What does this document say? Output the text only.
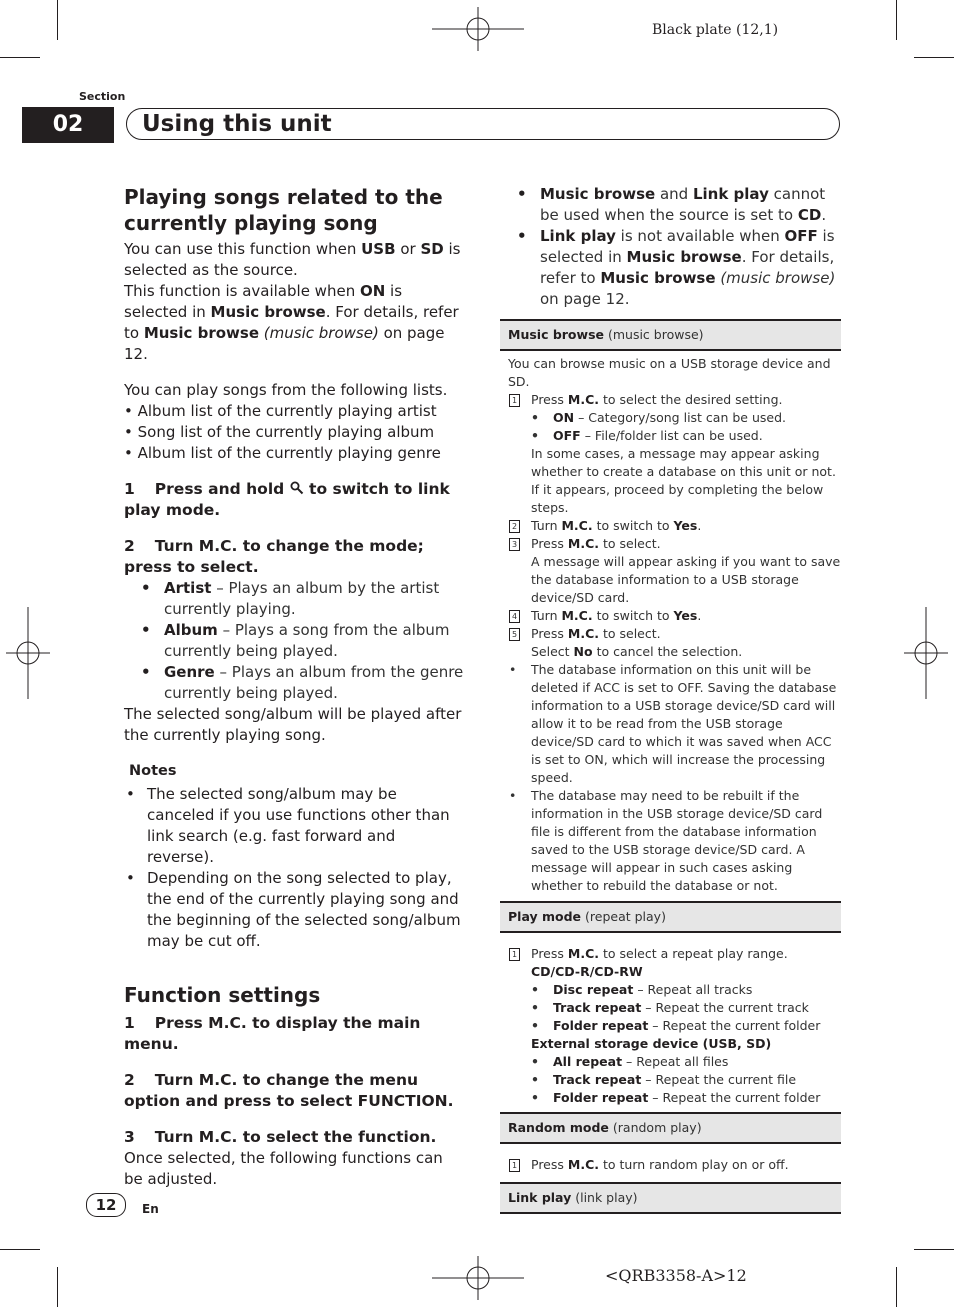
Black plate (12,1)
Section
02	Using this unit

Playing songs related to the currently playing song

You can use this function when USB or SD is selected as the source.

This function is available when ON is selected in Music browse. For details, refer to Music browse (music browse) on page 12.

You can play songs from the following lists.

• Album list of the currently playing artist

• Song list of the currently playing album

• Album list of the currently playing genre

1 Press and hold  to switch to link play mode.

2 Turn M.C. to change the mode; press to select.

• Artist – Plays an album by the artist currently playing.
• Album – Plays a song from the album currently being played.
• Genre – Plays an album from the genre currently being played.

The selected song/album will be played after the currently playing song.

Notes

• The selected song/album may be canceled if you use functions other than link search (e.g. fast forward and reverse).
• Depending on the song selected to play, the end of the currently playing song and the beginning of the selected song/album may be cut off.

Function settings

1 Press M.C. to display the main menu.

2 Turn M.C. to change the menu option and press to select FUNCTION.

3 Turn M.C. to select the function.

Once selected, the following functions can be adjusted.

• Music browse and Link play cannot be used when the source is set to CD.
• Link play is not available when OFF is selected in Music browse. For details, refer to Music browse (music browse) on page 12.
Music browse (music browse)
You can browse music on a USB storage device and SD.
1 Press M.C. to select the desired setting.
• ON – Category/song list can be used.
• OFF – File/folder list can be used.
In some cases, a message may appear asking whether to create a database on this unit or not. If it appears, proceed by completing the below steps.
2 Turn M.C. to switch to Yes.
3 Press M.C. to select.
A message will appear asking if you want to save the database information to a USB storage device/SD card.
4 Turn M.C. to switch to Yes.
5 Press M.C. to select.
Select No to cancel the selection.
• The database information on this unit will be deleted if ACC is set to OFF. Saving the database information to a USB storage device/SD card will allow it to be read from the USB storage device/SD card to which it was saved when ACC is set to ON, which will increase the processing speed.
• The database may need to be rebuilt if the information in the USB storage device/SD card file is different from the database information saved to the USB storage device/SD card. A message will appear in such cases asking whether to rebuild the database or not.
Play mode (repeat play)
1 Press M.C. to select a repeat play range.
CD/CD-R/CD-RW
• Disc repeat – Repeat all tracks
• Track repeat – Repeat the current track
• Folder repeat – Repeat the current folder
External storage device (USB, SD)
• All repeat – Repeat all files
• Track repeat – Repeat the current file
• Folder repeat – Repeat the current folder
Random mode (random play)
1 Press M.C. to turn random play on or off.
Link play (link play)
12	En
<QRB3358-A>12
